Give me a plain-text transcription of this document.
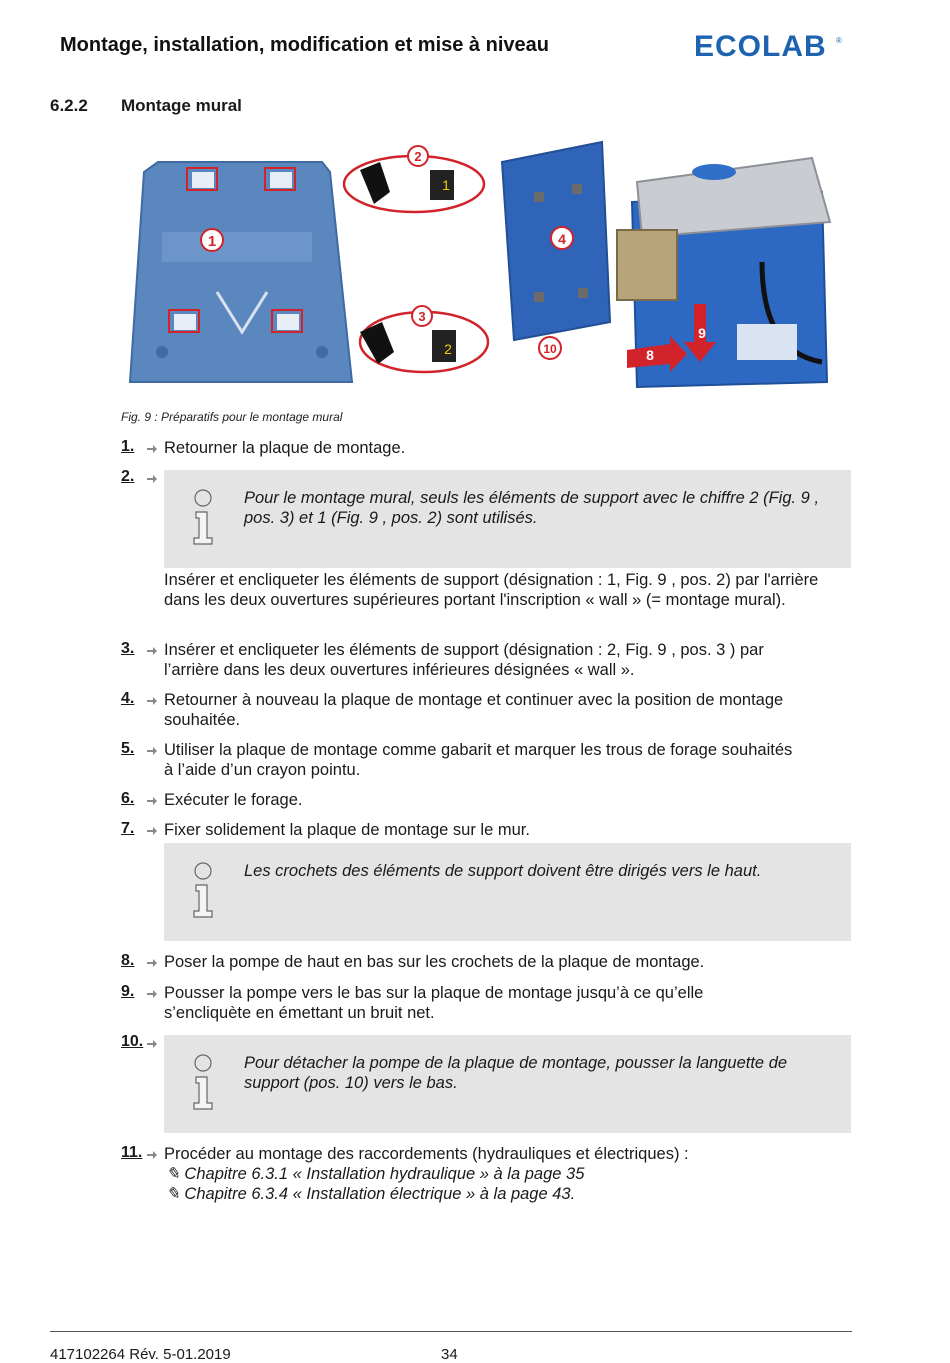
Montage, installation, modification et mise à niveau	ECOLAB ®
6.2.2 Montage mural
1
2
3
4
8
9
10
1
2
Fig. 9 : Préparatifs pour le montage mural
1.	Retourner la plaque de montage.
2.
Pour le montage mural, seuls les éléments de support avec le chiffre 2 (Fig. 9 , pos. 3) et 1 (Fig. 9 , pos. 2) sont utilisés.
Insérer et encliqueter les éléments de support (désignation : 1, Fig. 9 , pos. 2) par l'arrière dans les deux ouvertures supérieures portant l'inscription « wall » (= montage mural).
3.	Insérer et encliqueter les éléments de support (désignation : 2, Fig. 9 , pos. 3 ) par l’arrière dans les deux ouvertures inférieures désignées « wall ».
4.	Retourner à nouveau la plaque de montage et continuer avec la position de montage souhaitée.
5.	Utiliser la plaque de montage comme gabarit et marquer les trous de forage souhaités à l’aide d’un crayon pointu.
6.	Exécuter le forage.
7.	Fixer solidement la plaque de montage sur le mur.
Les crochets des éléments de support doivent être dirigés vers le haut.
8.	Poser la pompe de haut en bas sur les crochets de la plaque de montage.
9.	Pousser la pompe vers le bas sur la plaque de montage jusqu’à ce qu’elle s’encliquète en émettant un bruit net.
10.
Pour détacher la pompe de la plaque de montage, pousser la languette de support (pos. 10) vers le bas.
11.	Procéder au montage des raccordements (hydrauliques et électriques) :
✎ Chapitre 6.3.1 « Installation hydraulique » à la page 35
✎ Chapitre 6.3.4 « Installation électrique » à la page 43.
417102264 Rév. 5-01.2019	34
